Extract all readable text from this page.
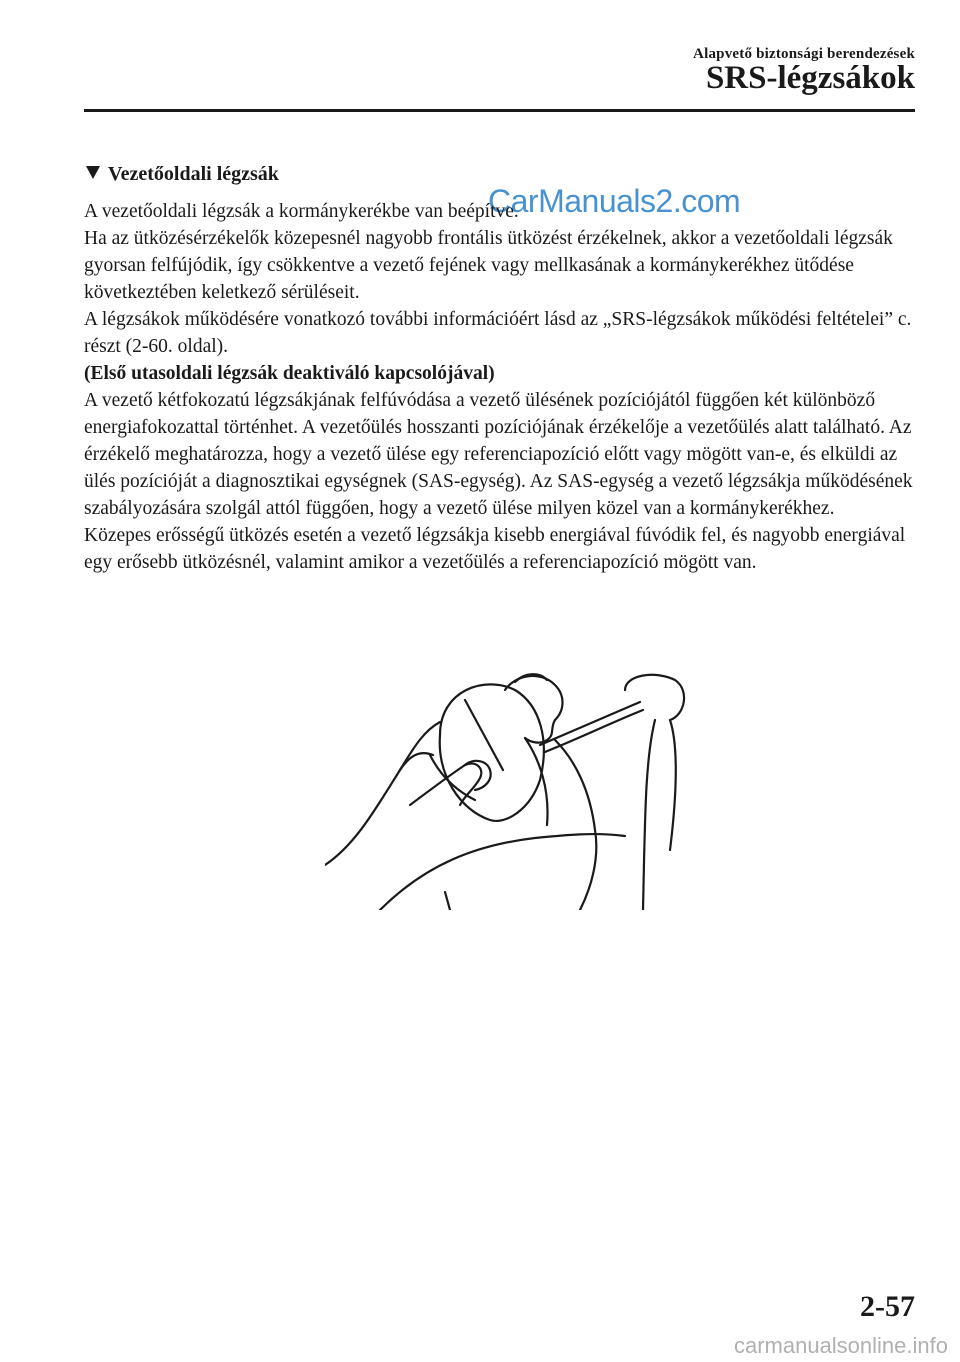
Alapvető biztonsági berendezések
SRS-légzsákok
Vezetőoldali légzsák
CarManuals2.com

A vezetőoldali légzsák a kormánykerékbe van beépítve.

Ha az ütközésérzékelők közepesnél nagyobb frontális ütközést érzékelnek, akkor a vezetőoldali légzsák gyorsan felfújódik, így csökkentve a vezető fejének vagy mellkasának a kormánykerékhez ütődése következtében keletkező sérüléseit.

A légzsákok működésére vonatkozó további információért lásd az „SRS-légzsákok működési feltételei” c. részt (2-60. oldal).

(Első utasoldali légzsák deaktiváló kapcsolójával)

A vezető kétfokozatú légzsákjának felfúvódása a vezető ülésének pozíciójától függően két különböző energiafokozattal történhet. A vezetőülés hosszanti pozíciójának érzékelője a vezetőülés alatt található. Az érzékelő meghatározza, hogy a vezető ülése egy referenciapozíció előtt vagy mögött van-e, és elküldi az ülés pozícióját a diagnosztikai egységnek (SAS-egység). Az SAS-egység a vezető légzsákja működésének szabályozására szolgál attól függően, hogy a vezető ülése milyen közel van a kormánykerékhez.

Közepes erősségű ütközés esetén a vezető légzsákja kisebb energiával fúvódik fel, és nagyobb energiával egy erősebb ütközésnél, valamint amikor a vezetőülés a referenciapozíció mögött van.

2-57
carmanualsonline.info
